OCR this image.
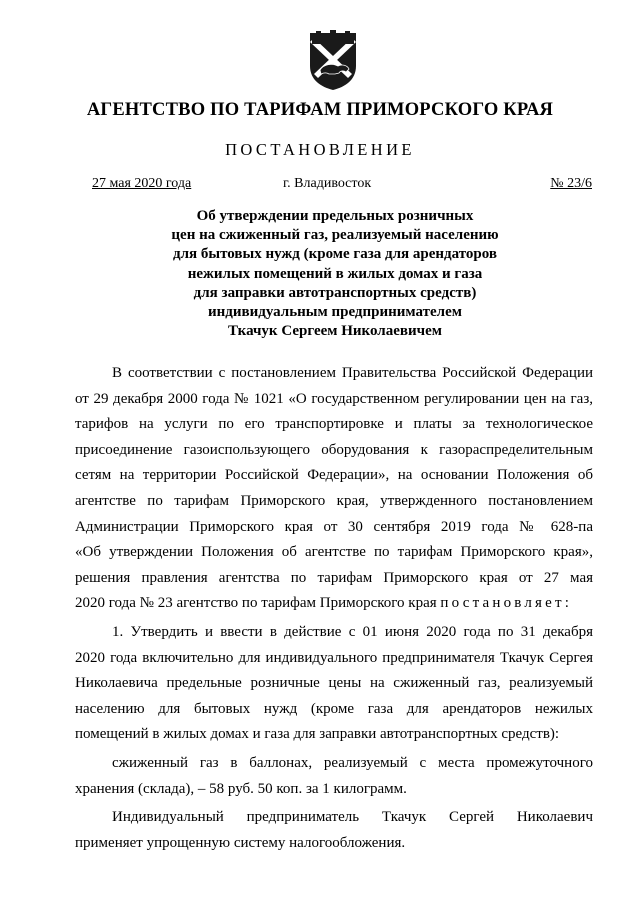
АГЕНТСТВО ПО ТАРИФАМ ПРИМОРСКОГО КРАЯ
ПОСТАНОВЛЕНИЕ
27 мая 2020 года	г. Владивосток	№ 23/6
Об утверждении предельных розничных
цен на сжиженный газ, реализуемый населению
для бытовых нужд (кроме газа для арендаторов
нежилых помещений в жилых домах и газа
для заправки автотранспортных средств)
индивидуальным предпринимателем
Ткачук Сергеем Николаевичем
В соответствии с постановлением Правительства Российской Федерации
от 29 декабря 2000 года № 1021 «О государственном регулировании цен на газ,
тарифов на услуги по его транспортировке и платы за технологическое
присоединение газоиспользующего оборудования к газораспределительным
сетям на территории Российской Федерации», на основании Положения об
агентстве по тарифам Приморского края, утвержденного постановлением
Администрации Приморского края от 30 сентября 2019 года № 628-па
«Об утверждении Положения об агентстве по тарифам Приморского края»,
решения правления агентства по тарифам Приморского края от 27 мая
2020 года № 23 агентство по тарифам Приморского края постановляет:
1. Утвердить и ввести в действие с 01 июня 2020 года по 31 декабря
2020 года включительно для индивидуального предпринимателя Ткачук Сергея
Николаевича предельные розничные цены на сжиженный газ, реализуемый
населению для бытовых нужд (кроме газа для арендаторов нежилых
помещений в жилых домах и газа для заправки автотранспортных средств):
сжиженный газ в баллонах, реализуемый с места промежуточного
хранения (склада), – 58 руб. 50 коп. за 1 килограмм.
Индивидуальный предприниматель Ткачук Сергей Николаевич
применяет упрощенную систему налогообложения.
